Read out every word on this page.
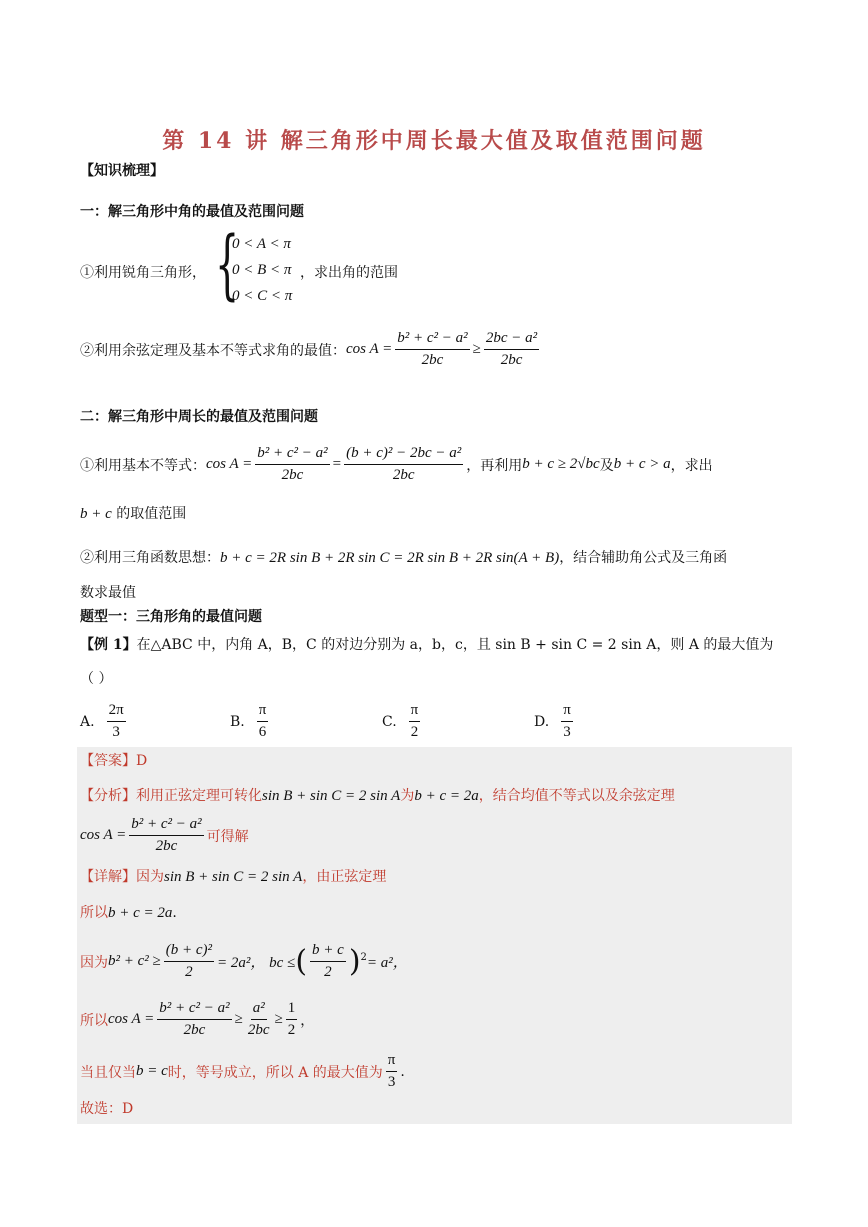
第 14 讲 解三角形中周长最大值及取值范围问题
【知识梳理】
一：解三角形中角的最值及范围问题
①利用锐角三角形， {
0 < A < π
0 < B < π
0 < C < π
，求出角的范围
②利用余弦定理及基本不等式求角的最值： $\cos A = \frac{\text{b² + c² − a²}}{2bc} \ge \frac{\text{2bc − a²}}{2bc}$
二：解三角形中周长的最值及范围问题
①利用基本不等式： $\cos A = \frac{\text{b² + c² − a²}}{2bc} = \frac{\text{(b + c)² − 2bc − a²}}{2bc}$ ，再利用 b + c ≥ 2√bc 及 b + c > a ，求出
b + c 的取值范围
②利用三角函数思想：b + c = 2R sin B + 2R sin C = 2R sin B + 2R sin(A + B)，结合辅助角公式及三角函
数求最值
题型一：三角形角的最值问题
【例 1】在△ABC 中，内角 A，B，C 的对边分别为 a，b，c，且 sin B + sin C = 2 sin A，则 A 的最大值为
（ ）
A. $\frac{2\pi}{3}$	B. $\frac{\pi}{6}$	C. $\frac{\pi}{2}$	D. $\frac{\pi}{3}$
【答案】D
【分析】利用正弦定理可转化sin B + sin C = 2 sin A为b + c = 2a，结合均值不等式以及余弦定理
$\cos A = \frac{\text{b² + c² − a²}}{2bc}$ 可得解
【详解】因为sin B + sin C = 2 sin A，由正弦定理
所以b + c = 2a.
因为 $b^2 + c^2 \ge \frac{\text{(b + c)²}}{2} = 2a^2$， bc ≤ ( $\frac{b + c}{2} )^2 = a^2$，
所以 $\cos A = \frac{\text{b² + c² − a²}}{2bc} \ge \frac{\text{a²}}{2bc} \ge \frac{1}{2}$ ，
当且仅当 b = c 时，等号成立，所以 A 的最大值为 $\frac{\pi}{3}$ .
故选：D
